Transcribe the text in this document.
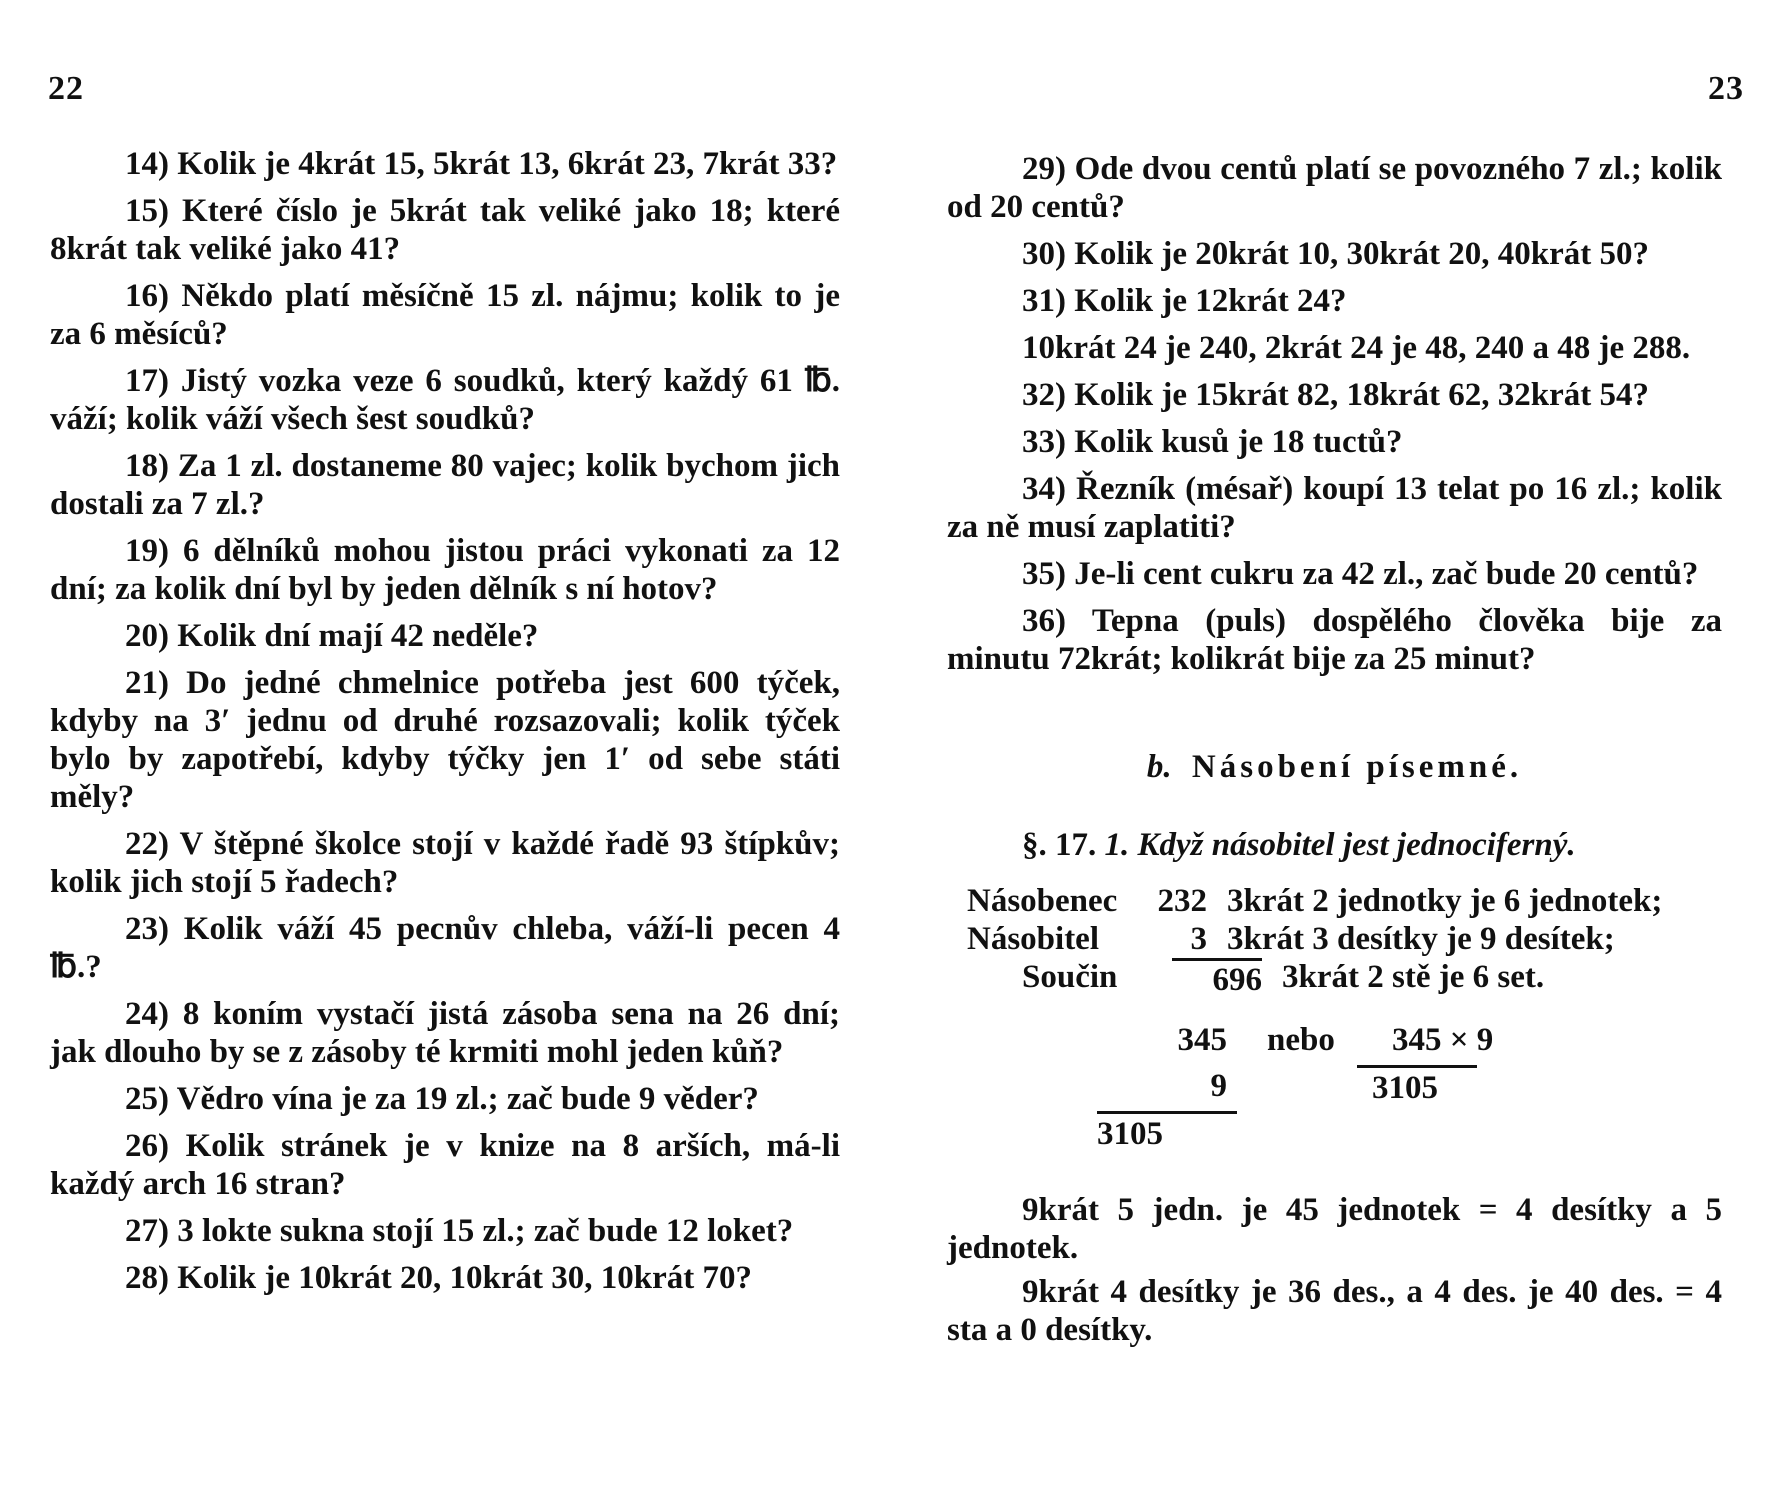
22

14) Kolik je 4krát 15, 5krát 13, 6krát 23, 7krát 33?

15) Které číslo je 5krát tak veliké jako 18; které 8krát tak veliké jako 41?

16) Někdo platí měsíčně 15 zl. nájmu; kolik to je za 6 měsíců?

17) Jistý vozka veze 6 soudků, který každý 61 ℔. váží; kolik váží všech šest soudků?

18) Za 1 zl. dostaneme 80 vajec; kolik bychom jich dostali za 7 zl.?

19) 6 dělníků mohou jistou práci vykonati za 12 dní; za kolik dní byl by jeden dělník s ní hotov?

20) Kolik dní mají 42 neděle?

21) Do jedné chmelnice potřeba jest 600 týček, kdyby na 3′ jednu od druhé rozsazovali; kolik týček bylo by zapotřebí, kdyby týčky jen 1′ od sebe státi měly?

22) V štěpné školce stojí v každé řadě 93 štípkův; kolik jich stojí 5 řadech?

23) Kolik váží 45 pecnův chleba, váží-li pecen 4 ℔.?

24) 8 koním vystačí jistá zásoba sena na 26 dní; jak dlouho by se z zásoby té krmiti mohl jeden kůň?

25) Vědro vína je za 19 zl.; zač bude 9 věder?

26) Kolik stránek je v knize na 8 arších, má-li každý arch 16 stran?

27) 3 lokte sukna stojí 15 zl.; zač bude 12 loket?

28) Kolik je 10krát 20, 10krát 30, 10krát 70?

23

29) Ode dvou centů platí se povozného 7 zl.; kolik od 20 centů?

30) Kolik je 20krát 10, 30krát 20, 40krát 50?

31) Kolik je 12krát 24?

10krát 24 je 240, 2krát 24 je 48, 240 a 48 je 288.

32) Kolik je 15krát 82, 18krát 62, 32krát 54?

33) Kolik kusů je 18 tuctů?

34) Řezník (mésař) koupí 13 telat po 16 zl.; kolik za ně musí zaplatiti?

35) Je-li cent cukru za 42 zl., zač bude 20 centů?

36) Tepna (puls) dospělého člověka bije za minutu 72krát; kolikrát bije za 25 minut?

b. Násobení písemné.

§. 17. 1. Když násobitel jest jednociferný.

Násobenec	232 3krát 2 jednotky je 6 jednotek;
Násobitel	3 3krát 3 desítky je 9 desítek;
Součin	696 3krát 2 stě je 6 set.
345
9
3105
nebo 345 × 9
3105

9krát 5 jedn. je 45 jednotek = 4 desítky a 5 jednotek.

9krát 4 desítky je 36 des., a 4 des. je 40 des. = 4 sta a 0 desítky.
